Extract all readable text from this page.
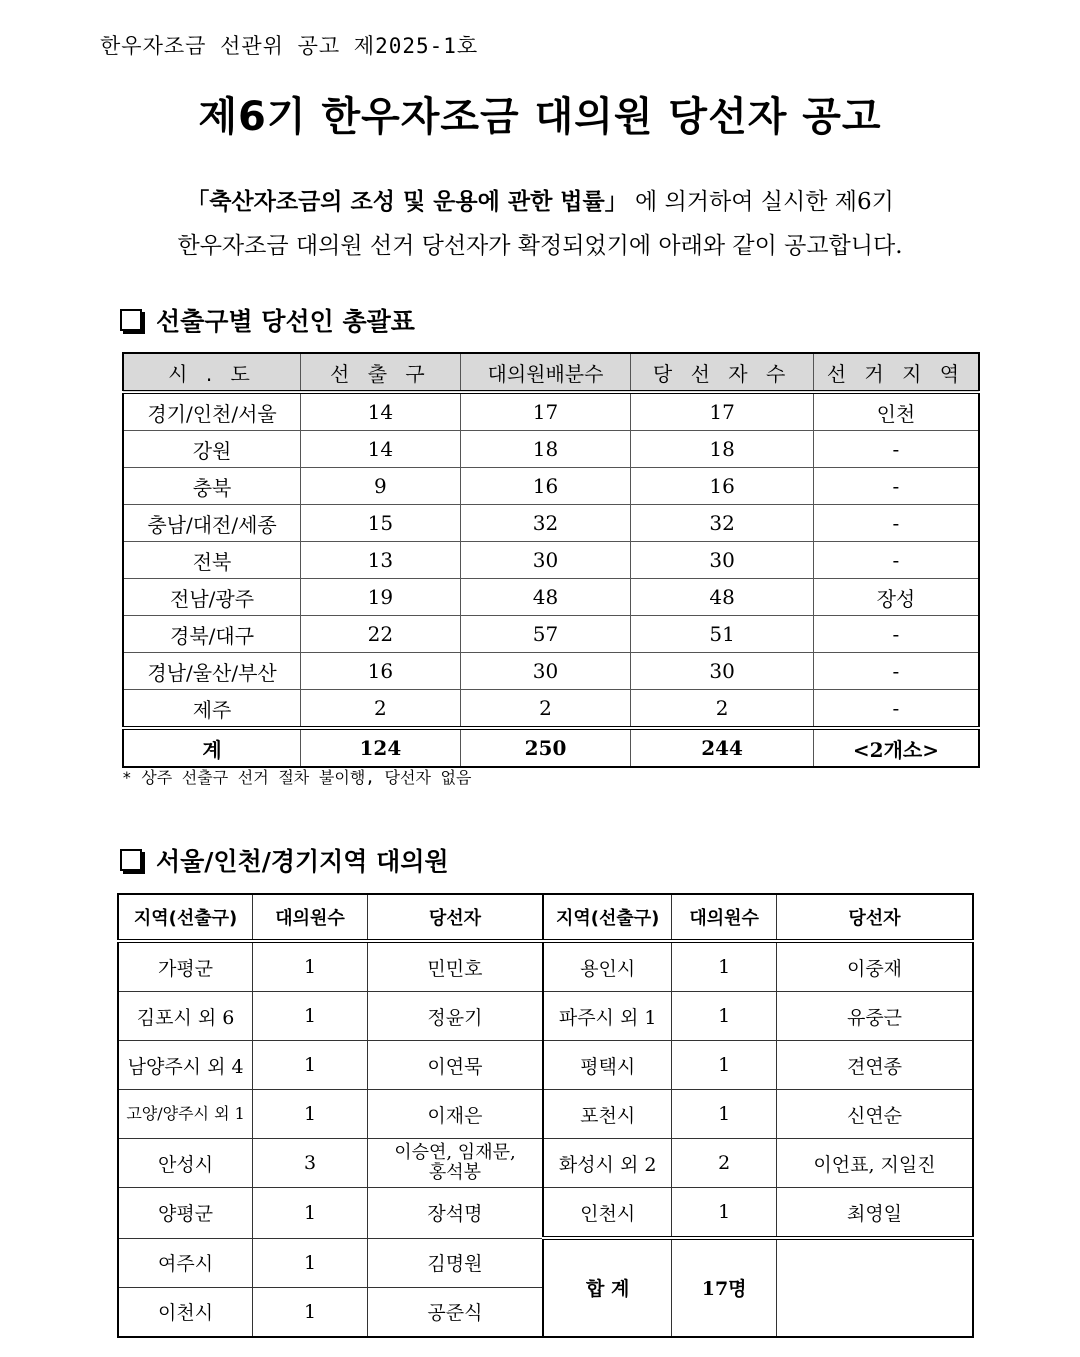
한우자조금 선관위 공고 제2025-1호
제6기 한우자조금 대의원 당선자 공고
「축산자조금의 조성 및 운용에 관한 법률」 에 의거하여 실시한 제6기
한우자조금 대의원 선거 당선자가 확정되었기에 아래와 같이 공고합니다.
선출구별 당선인 총괄표
시 . 도	선 출 구	대의원배분수	당 선 자 수	선 거 지 역
경기/인천/서울	14	17	17	인천
강원	14	18	18	-
충북	9	16	16	-
충남/대전/세종	15	32	32	-
전북	13	30	30	-
전남/광주	19	48	48	장성
경북/대구	22	57	51	-
경남/울산/부산	16	30	30	-
제주	2	2	2	-
계	124	250	244	<2개소>
* 상주 선출구 선거 절차 불이행, 당선자 없음
서울/인천/경기지역 대의원
지역(선출구)	대의원수	당선자	지역(선출구)	대의원수	당선자
가평군	1	민민호	용인시	1	이중재
김포시 외 6	1	정윤기	파주시 외 1	1	유중근
남양주시 외 4	1	이연묵	평택시	1	견연종
고양/양주시 외 1	1	이재은	포천시	1	신연순
안성시	3	이승연, 임재문, 홍석봉	화성시 외 2	2	이언표, 지일진
양평군	1	장석명	인천시	1	최영일
여주시	1	김명원	합 계	17명	
이천시	1	공준식			
